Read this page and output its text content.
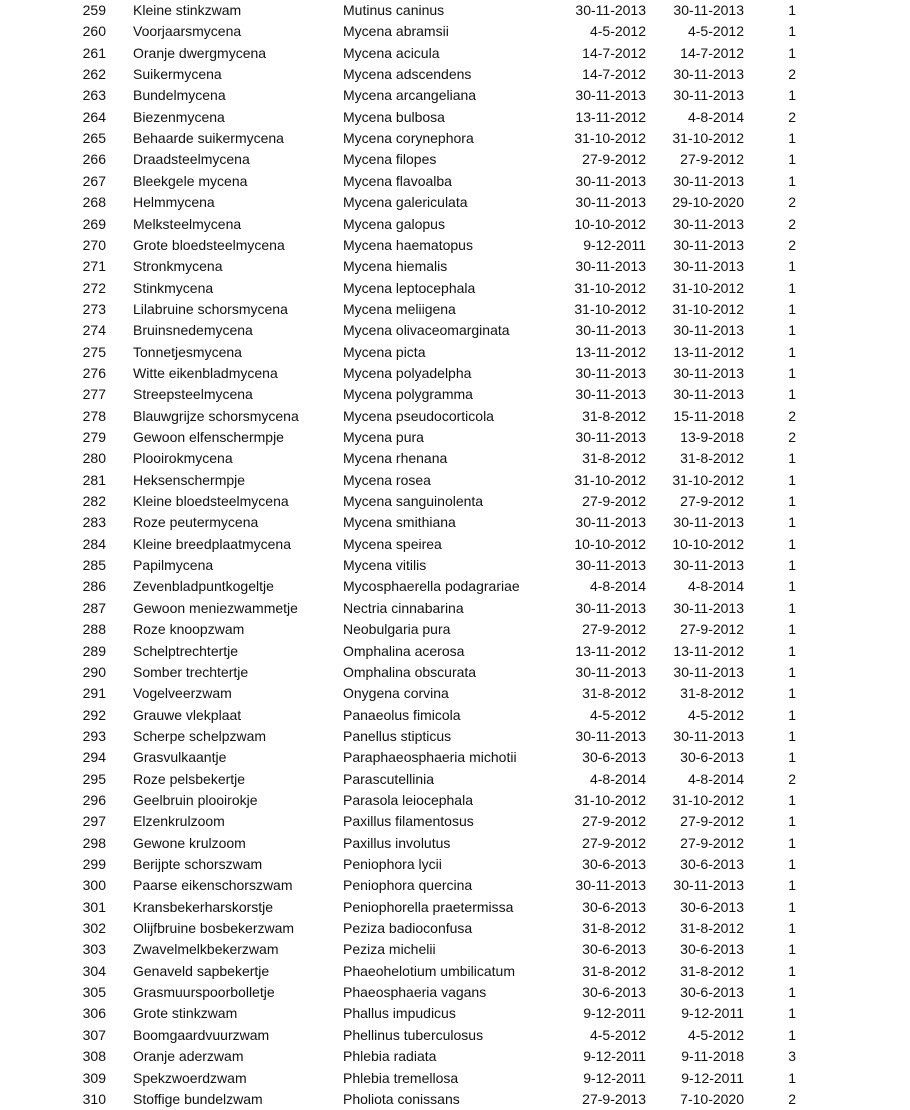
259 Kleine stinkzwam	Mutinus caninus	30-11-2013	30-11-2013	1
260 Voorjaarsmycena	Mycena abramsii	4-5-2012	4-5-2012	1
261 Oranje dwergmycena	Mycena acicula	14-7-2012	14-7-2012	1
262 Suikermycena	Mycena adscendens	14-7-2012	30-11-2013	2
263 Bundelmycena	Mycena arcangeliana	30-11-2013	30-11-2013	1
264 Biezenmycena	Mycena bulbosa	13-11-2012	4-8-2014	2
265 Behaarde suikermycena	Mycena corynephora	31-10-2012	31-10-2012	1
266 Draadsteelmycena	Mycena filopes	27-9-2012	27-9-2012	1
267 Bleekgele mycena	Mycena flavoalba	30-11-2013	30-11-2013	1
268 Helmmycena	Mycena galericulata	30-11-2013	29-10-2020	2
269 Melksteelmycena	Mycena galopus	10-10-2012	30-11-2013	2
270 Grote bloedsteelmycena	Mycena haematopus	9-12-2011	30-11-2013	2
271 Stronkmycena	Mycena hiemalis	30-11-2013	30-11-2013	1
272 Stinkmycena	Mycena leptocephala	31-10-2012	31-10-2012	1
273 Lilabruine schorsmycena	Mycena meliigena	31-10-2012	31-10-2012	1
274 Bruinsnedemycena	Mycena olivaceomarginata	30-11-2013	30-11-2013	1
275 Tonnetjesmycena	Mycena picta	13-11-2012	13-11-2012	1
276 Witte eikenbladmycena	Mycena polyadelpha	30-11-2013	30-11-2013	1
277 Streepsteelmycena	Mycena polygramma	30-11-2013	30-11-2013	1
278 Blauwgrijze schorsmycena	Mycena pseudocorticola	31-8-2012	15-11-2018	2
279 Gewoon elfenschermpje	Mycena pura	30-11-2013	13-9-2018	2
280 Plooirokmycena	Mycena rhenana	31-8-2012	31-8-2012	1
281 Heksenschermpje	Mycena rosea	31-10-2012	31-10-2012	1
282 Kleine bloedsteelmycena	Mycena sanguinolenta	27-9-2012	27-9-2012	1
283 Roze peutermycena	Mycena smithiana	30-11-2013	30-11-2013	1
284 Kleine breedplaatmycena	Mycena speirea	10-10-2012	10-10-2012	1
285 Papilmycena	Mycena vitilis	30-11-2013	30-11-2013	1
286 Zevenbladpuntkogeltje	Mycosphaerella podagrariae	4-8-2014	4-8-2014	1
287 Gewoon meniezwammetje	Nectria cinnabarina	30-11-2013	30-11-2013	1
288 Roze knoopzwam	Neobulgaria pura	27-9-2012	27-9-2012	1
289 Schelptrechtertje	Omphalina acerosa	13-11-2012	13-11-2012	1
290 Somber trechtertje	Omphalina obscurata	30-11-2013	30-11-2013	1
291 Vogelveerzwam	Onygena corvina	31-8-2012	31-8-2012	1
292 Grauwe vlekplaat	Panaeolus fimicola	4-5-2012	4-5-2012	1
293 Scherpe schelpzwam	Panellus stipticus	30-11-2013	30-11-2013	1
294 Grasvulkaantje	Paraphaeosphaeria michotii	30-6-2013	30-6-2013	1
295 Roze pelsbekertje	Parascutellinia	4-8-2014	4-8-2014	2
296 Geelbruin plooirokje	Parasola leiocephala	31-10-2012	31-10-2012	1
297 Elzenkrulzoom	Paxillus filamentosus	27-9-2012	27-9-2012	1
298 Gewone krulzoom	Paxillus involutus	27-9-2012	27-9-2012	1
299 Berijpte schorszwam	Peniophora lycii	30-6-2013	30-6-2013	1
300 Paarse eikenschorszwam	Peniophora quercina	30-11-2013	30-11-2013	1
301 Kransbekerharskorstje	Peniophorella praetermissa	30-6-2013	30-6-2013	1
302 Olijfbruine bosbekerzwam	Peziza badioconfusa	31-8-2012	31-8-2012	1
303 Zwavelmelkbekerzwam	Peziza michelii	30-6-2013	30-6-2013	1
304 Genaveld sapbekertje	Phaeohelotium umbilicatum	31-8-2012	31-8-2012	1
305 Grasmuurspoorbolletje	Phaeosphaeria vagans	30-6-2013	30-6-2013	1
306 Grote stinkzwam	Phallus impudicus	9-12-2011	9-12-2011	1
307 Boomgaardvuurzwam	Phellinus tuberculosus	4-5-2012	4-5-2012	1
308 Oranje aderzwam	Phlebia radiata	9-12-2011	9-11-2018	3
309 Spekzwoerdzwam	Phlebia tremellosa	9-12-2011	9-12-2011	1
310 Stoffige bundelzwam	Pholiota conissans	27-9-2013	7-10-2020	2
